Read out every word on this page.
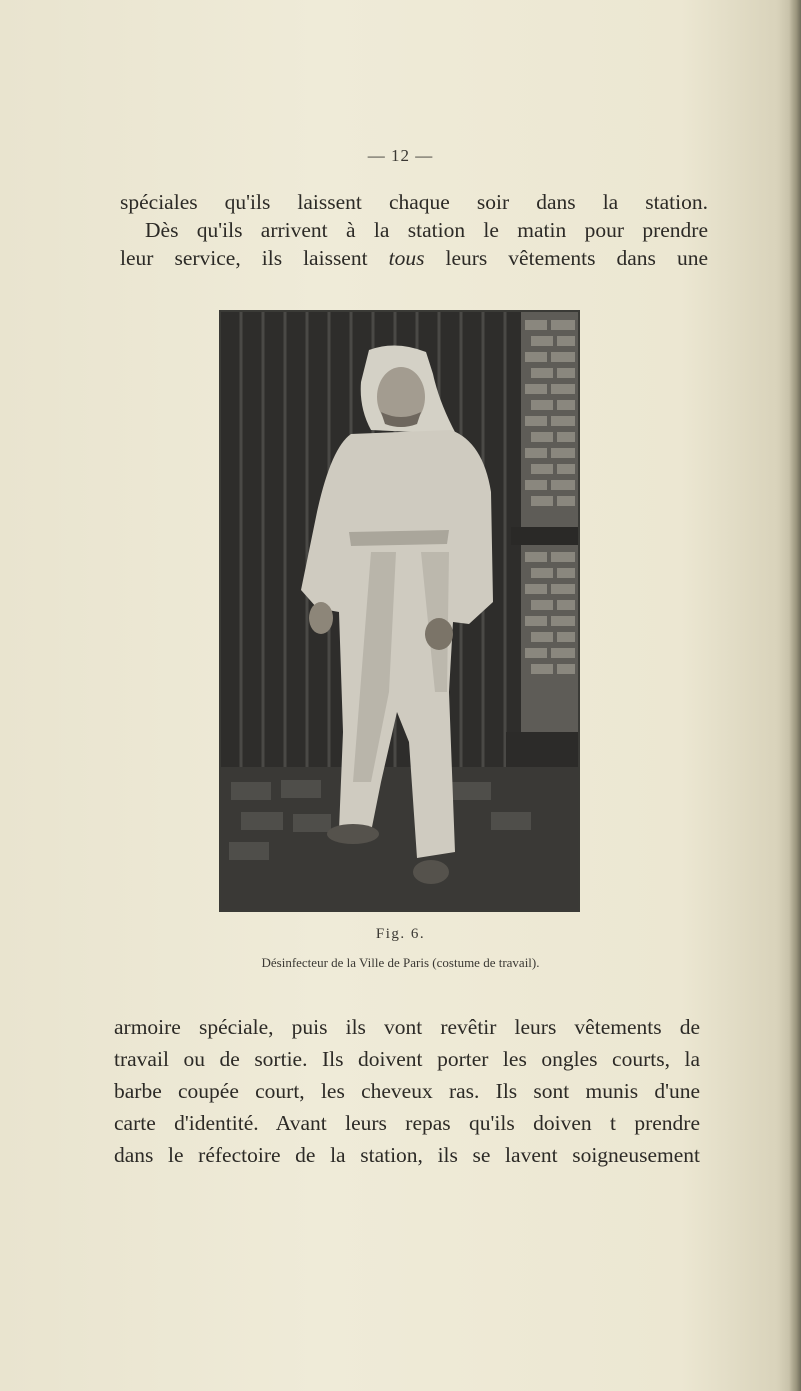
— 12 —

spéciales qu'ils laissent chaque soir dans la station.
Dès qu'ils arrivent à la station le matin pour prendre
leur service, ils laissent tous leurs vêtements dans une

Fig. 6.
Désinfecteur de la Ville de Paris (costume de travail).

armoire spéciale, puis ils vont revêtir leurs vêtements de
travail ou de sortie. Ils doivent porter les ongles courts, la
barbe coupée court, les cheveux ras. Ils sont munis d'une
carte d'identité. Avant leurs repas qu'ils doiven t prendre
dans le réfectoire de la station, ils se lavent soigneusement
